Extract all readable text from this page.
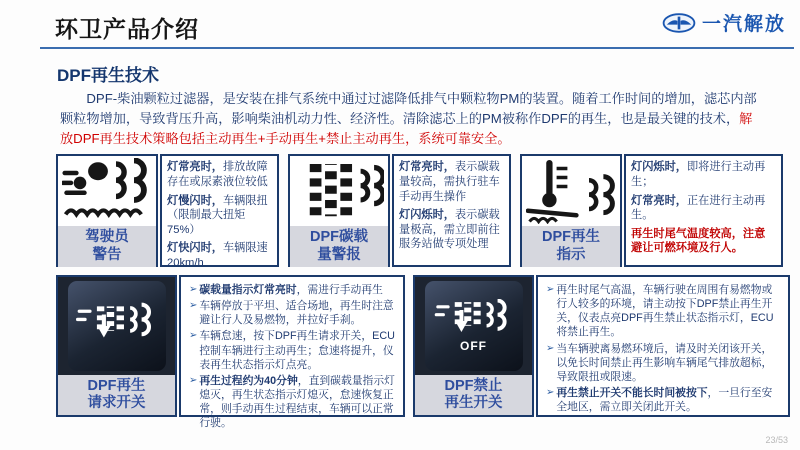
环卫产品介绍	一汽解放
DPF再生技术

DPF-柴油颗粒过滤器，是安装在排气系统中通过过滤降低排气中颗粒物PM的装置。随着工作时间的增加，滤芯内部颗粒物增加，导致背压升高，影响柴油机动力性、经济性。清除滤芯上的PM被称作DPF的再生，也是最关键的技术，解放DPF再生技术策略包括主动再生+手动再生+禁止主动再生，系统可靠安全。

驾驶员
警告

灯常亮时，排放故障存在或尿素液位较低

灯慢闪时，车辆限扭（限制最大扭矩75%）

灯快闪时，车辆限速20km/h

DPF碳载
量警报

灯常亮时，表示碳载量较高，需执行驻车手动再生操作

灯闪烁时，表示碳载量极高，需立即前往服务站做专项处理	DPF再生
指示

灯闪烁时，即将进行主动再生；

灯常亮时，正在进行主动再生。

再生时尾气温度较高，注意避让可燃环境及行人。

DPF再生
请求开关
➢ 碳载量指示灯常亮时，需进行手动再生
➢ 车辆停放于平坦、适合场地，再生时注意避让行人及易燃物，并拉好手刹。
➢ 车辆怠速，按下DPF再生请求开关，ECU控制车辆进行主动再生；怠速将提升，仪表再生状态指示灯点亮。
➢ 再生过程约为40分钟，直到碳载量指示灯熄灭，再生状态指示灯熄灭，怠速恢复正常，则手动再生过程结束，车辆可以正常行驶。
OFF
DPF禁止
再生开关
➢ 再生时尾气高温，车辆行驶在周围有易燃物或行人较多的环境，请主动按下DPF禁止再生开关，仪表点亮DPF再生禁止状态指示灯，ECU将禁止再生。
➢ 当车辆驶离易燃环境后，请及时关闭该开关，以免长时间禁止再生影响车辆尾气排放超标，导致限扭或限速。
➢ 再生禁止开关不能长时间被按下，一旦行至安全地区，需立即关闭此开关。
23/53
